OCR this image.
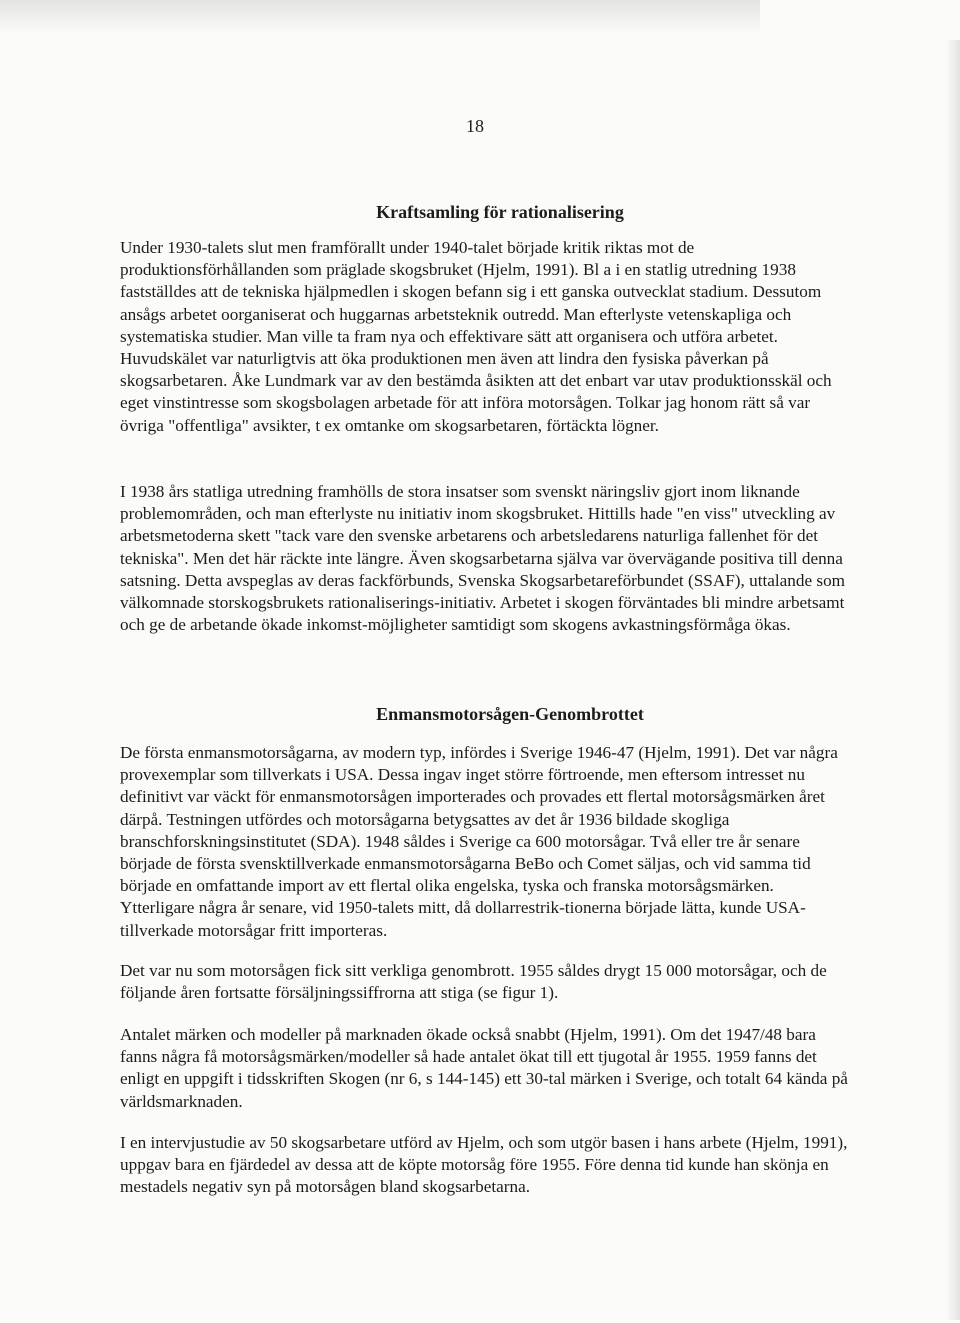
18
Kraftsamling för rationalisering

Under 1930-talets slut men framförallt under 1940-talet började kritik riktas mot de produktionsförhållanden som präglade skogsbruket (Hjelm, 1991). Bl a i en statlig utredning 1938 fastställdes att de tekniska hjälpmedlen i skogen befann sig i ett ganska outvecklat stadium. Dessutom ansågs arbetet oorganiserat och huggarnas arbetsteknik outredd. Man efterlyste vetenskapliga och systematiska studier. Man ville ta fram nya och effektivare sätt att organisera och utföra arbetet. Huvudskälet var naturligtvis att öka produktionen men även att lindra den fysiska påverkan på skogsarbetaren. Åke Lundmark var av den bestämda åsikten att det enbart var utav produktionsskäl och eget vinstintresse som skogsbolagen arbetade för att införa motorsågen. Tolkar jag honom rätt så var övriga "offentliga" avsikter, t ex omtanke om skogsarbetaren, förtäckta lögner.

I 1938 års statliga utredning framhölls de stora insatser som svenskt näringsliv gjort inom liknande problemområden, och man efterlyste nu initiativ inom skogsbruket. Hittills hade "en viss" utveckling av arbetsmetoderna skett "tack vare den svenske arbetarens och arbetsledarens naturliga fallenhet för det tekniska". Men det här räckte inte längre. Även skogsarbetarna själva var övervägande positiva till denna satsning. Detta avspeglas av deras fackförbunds, Svenska Skogsarbetareförbundet (SSAF), uttalande som välkomnade storskogsbrukets rationaliserings-initiativ. Arbetet i skogen förväntades bli mindre arbetsamt och ge de arbetande ökade inkomst-möjligheter samtidigt som skogens avkastningsförmåga ökas.

Enmansmotorsågen-Genombrottet

De första enmansmotorsågarna, av modern typ, infördes i Sverige 1946-47 (Hjelm, 1991). Det var några provexemplar som tillverkats i USA. Dessa ingav inget större förtroende, men eftersom intresset nu definitivt var väckt för enmansmotorsågen importerades och provades ett flertal motorsågsmärken året därpå. Testningen utfördes och motorsågarna betygsattes av det år 1936 bildade skogliga branschforskningsinstitutet (SDA). 1948 såldes i Sverige ca 600 motorsågar. Två eller tre år senare började de första svensktillverkade enmansmotorsågarna BeBo och Comet säljas, och vid samma tid började en omfattande import av ett flertal olika engelska, tyska och franska motorsågsmärken. Ytterligare några år senare, vid 1950-talets mitt, då dollarrestrik-tionerna började lätta, kunde USA-tillverkade motorsågar fritt importeras.

Det var nu som motorsågen fick sitt verkliga genombrott. 1955 såldes drygt 15 000 motorsågar, och de följande åren fortsatte försäljningssiffrorna att stiga (se figur 1).

Antalet märken och modeller på marknaden ökade också snabbt (Hjelm, 1991). Om det 1947/48 bara fanns några få motorsågsmärken/modeller så hade antalet ökat till ett tjugotal år 1955. 1959 fanns det enligt en uppgift i tidsskriften Skogen (nr 6, s 144-145) ett 30-tal märken i Sverige, och totalt 64 kända på världsmarknaden.

I en intervjustudie av 50 skogsarbetare utförd av Hjelm, och som utgör basen i hans arbete (Hjelm, 1991), uppgav bara en fjärdedel av dessa att de köpte motorsåg före 1955. Före denna tid kunde han skönja en mestadels negativ syn på motorsågen bland skogsarbetarna.
